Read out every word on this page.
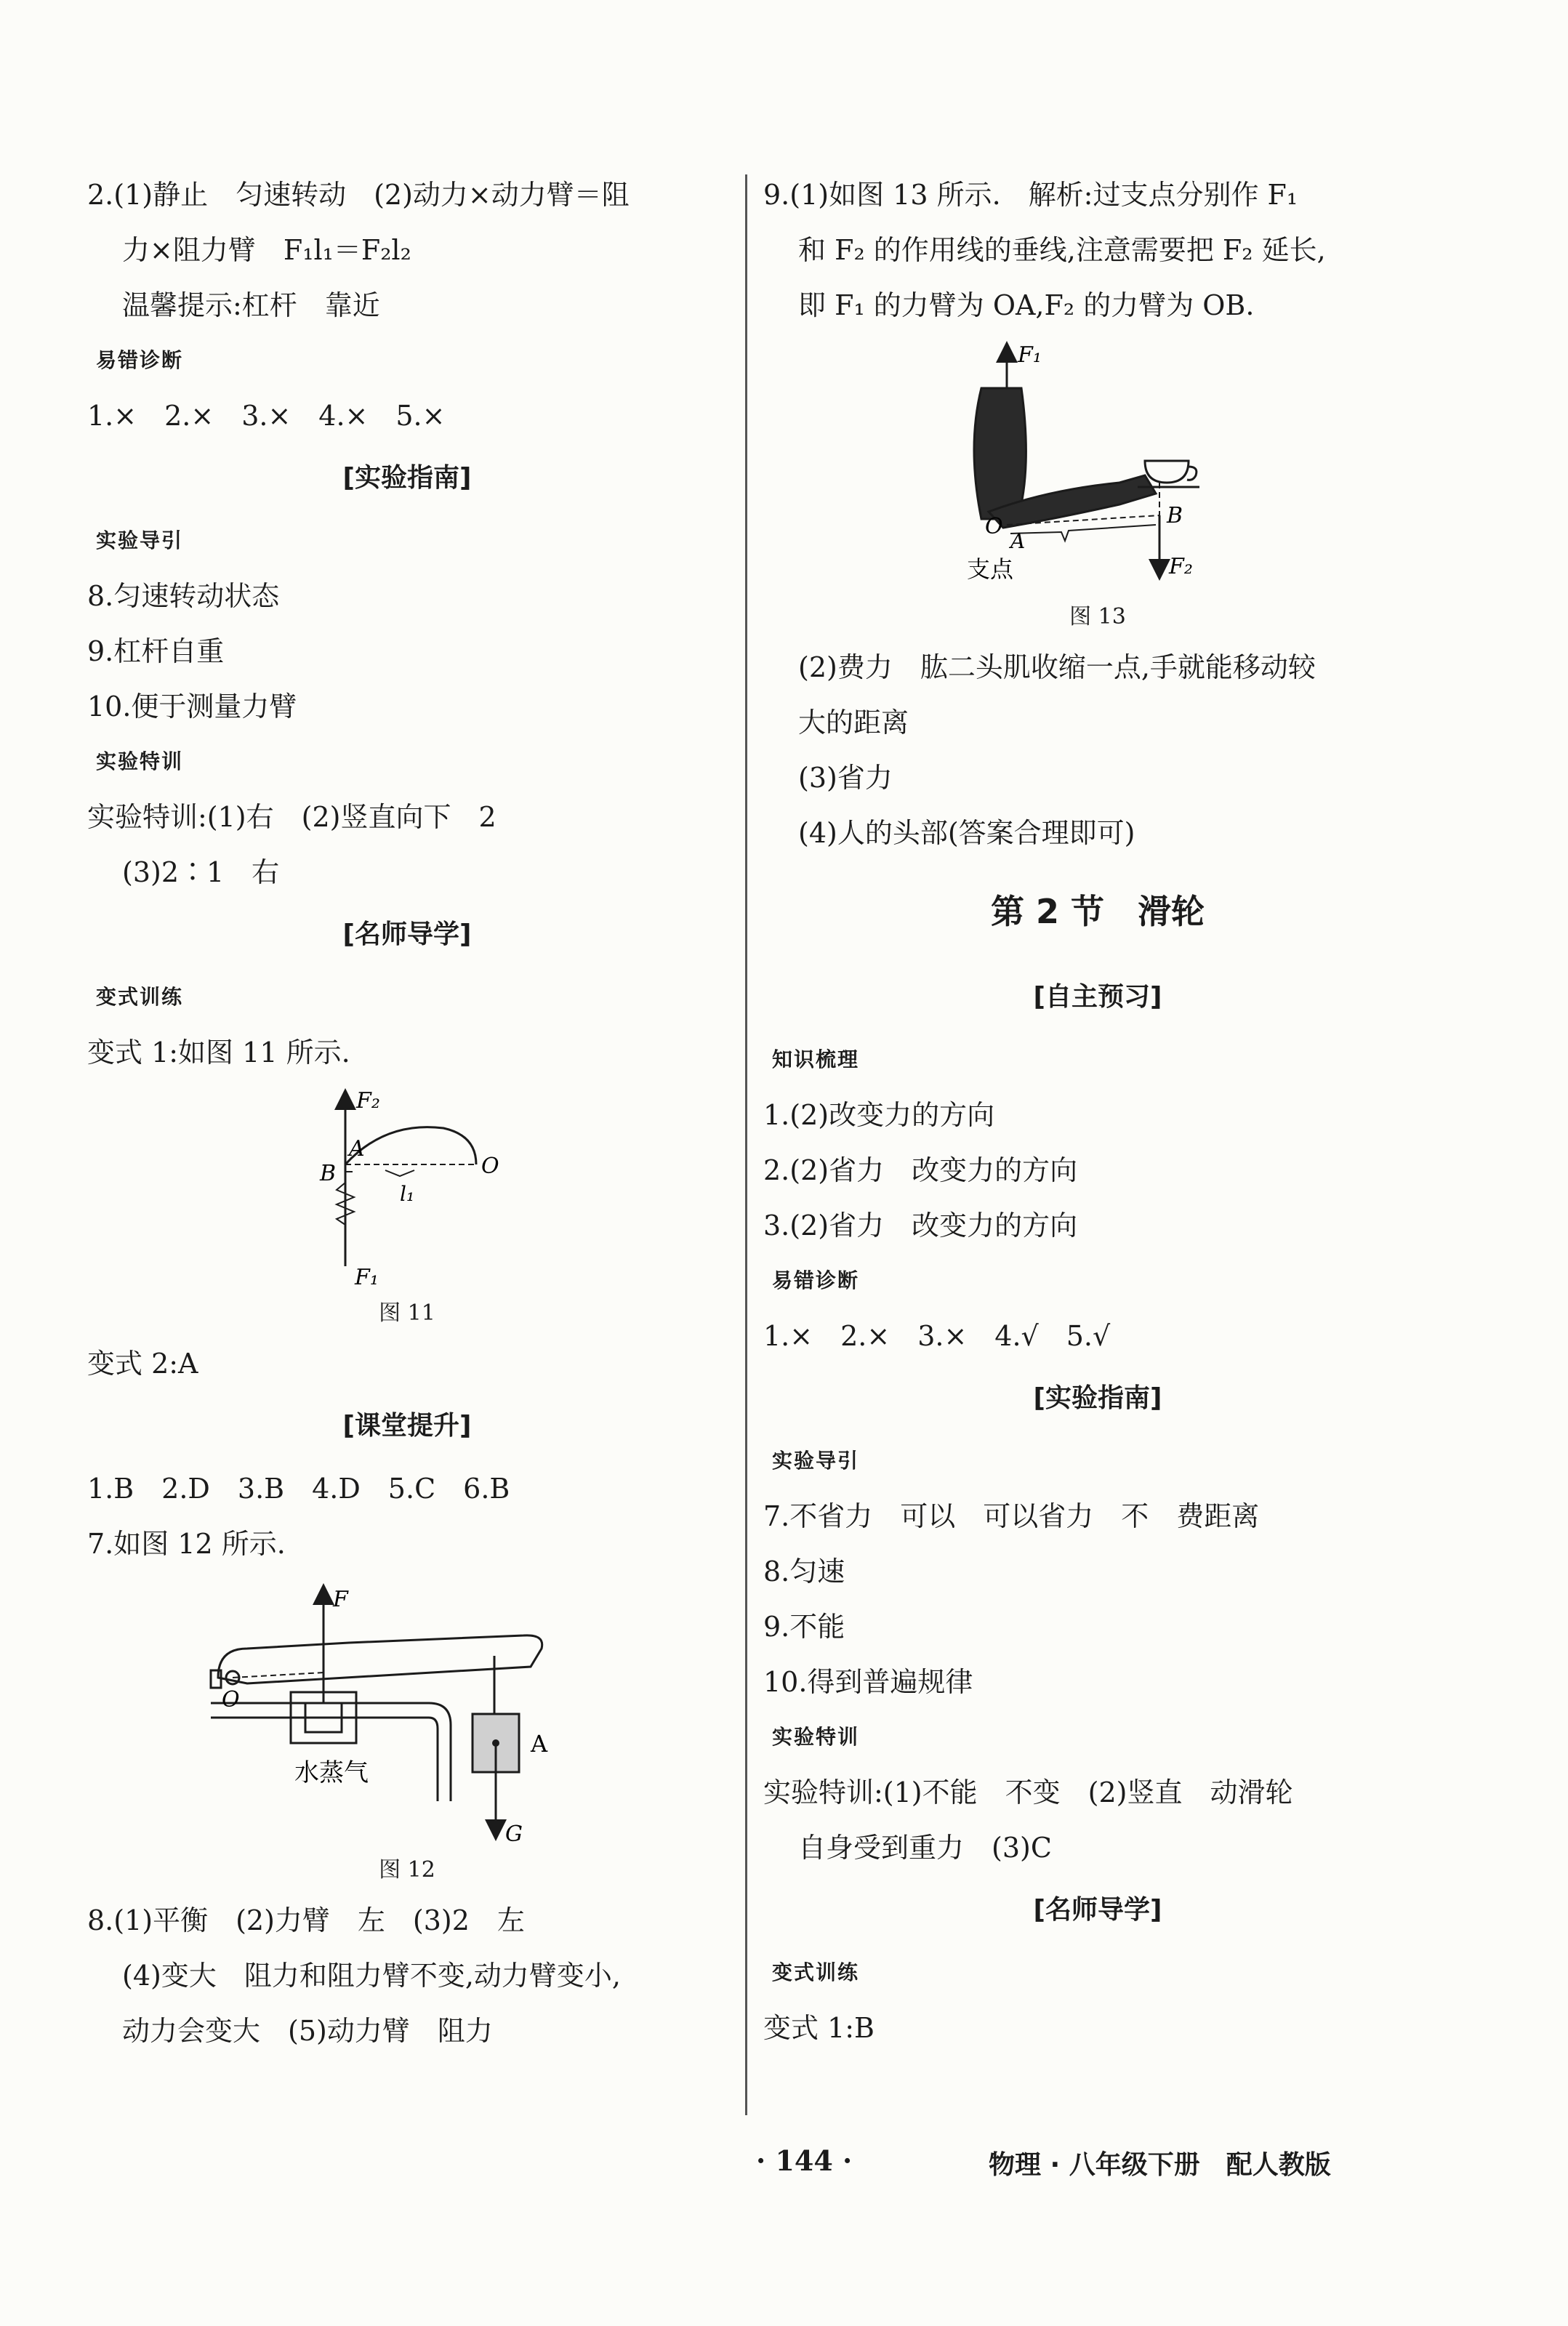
2.(1)静止　匀速转动　(2)动力×动力臂＝阻
力×阻力臂　F₁l₁＝F₂l₂
温馨提示:杠杆　靠近
易错诊断
1.×　2.×　3.×　4.×　5.×
[实验指南]
实验导引
8.匀速转动状态
9.杠杆自重
10.便于测量力臂
实验特训
实验特训:(1)右　(2)竖直向下　2
(3)2∶1　右
[名师导学]
变式训练
变式 1:如图 11 所示.
F₂
A
B	O
l₁
F₁
图 11
变式 2:A
[课堂提升]
1.B　2.D　3.B　4.D　5.C　6.B
7.如图 12 所示.
F
O
A
水蒸气
G
图 12
8.(1)平衡　(2)力臂　左　(3)2　左
(4)变大　阻力和阻力臂不变,动力臂变小,
动力会变大　(5)动力臂　阻力
9.(1)如图 13 所示.　解析:过支点分别作 F₁
和 F₂ 的作用线的垂线,注意需要把 F₂ 延长,
即 F₁ 的力臂为 OA,F₂ 的力臂为 OB.
F₁
O
A
B
F₂
支点
图 13
(2)费力　肱二头肌收缩一点,手就能移动较
大的距离
(3)省力
(4)人的头部(答案合理即可)
第 2 节　滑轮
[自主预习]
知识梳理
1.(2)改变力的方向
2.(2)省力　改变力的方向
3.(2)省力　改变力的方向
易错诊断
1.×　2.×　3.×　4.√　5.√
[实验指南]
实验导引
7.不省力　可以　可以省力　不　费距离
8.匀速
9.不能
10.得到普遍规律
实验特训
实验特训:(1)不能　不变　(2)竖直　动滑轮
自身受到重力　(3)C
[名师导学]
变式训练
变式 1:B
· 144 ·	物理 · 八年级下册　配人教版
